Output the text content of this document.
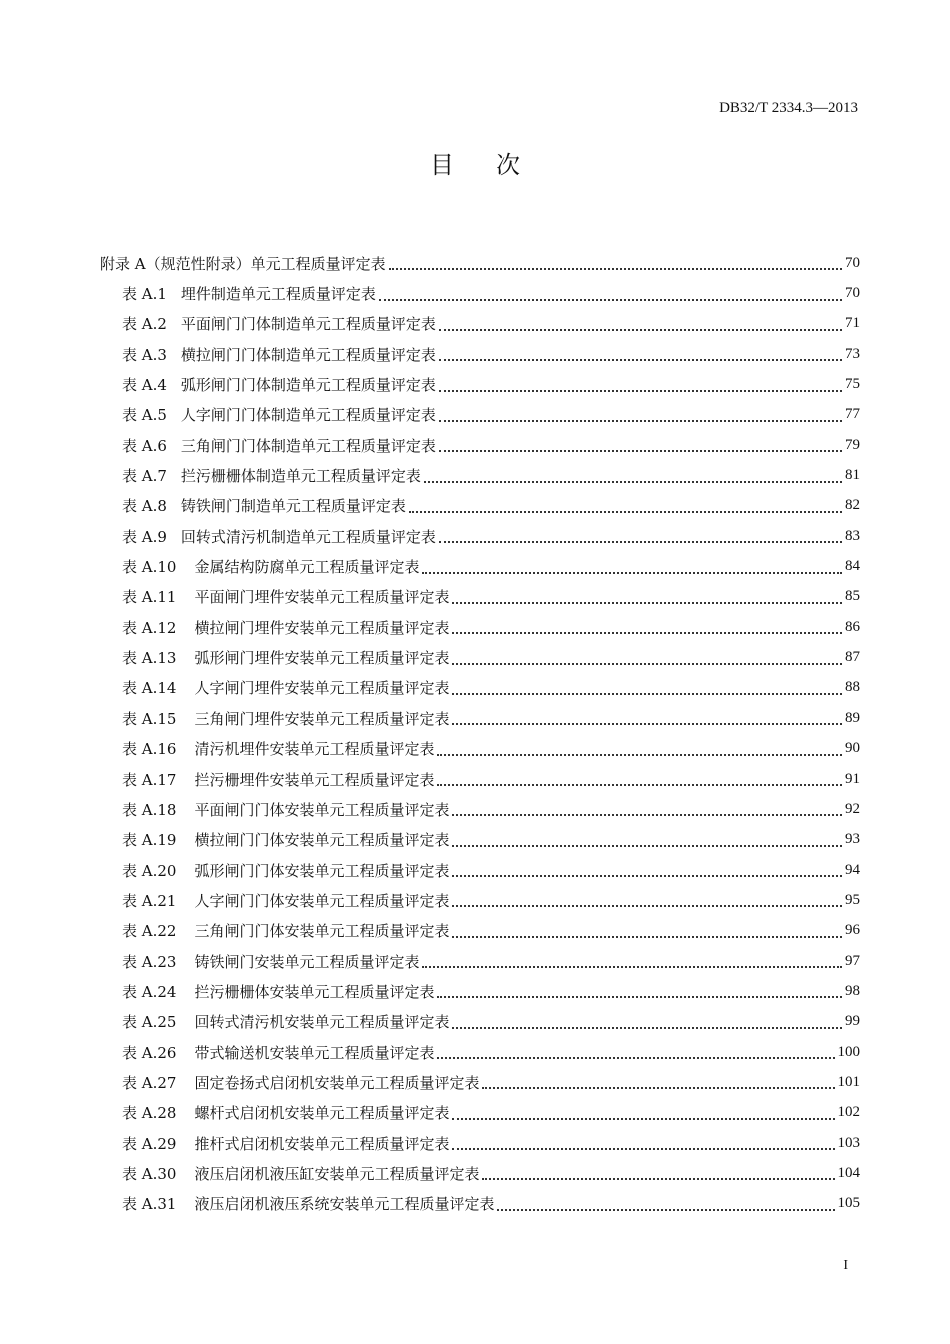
DB32/T 2334.3—2013
目次
附录 A（规范性附录） 单元工程质量评定表	70
表 A.1 埋件制造单元工程质量评定表	70
表 A.2 平面闸门门体制造单元工程质量评定表	71
表 A.3 横拉闸门门体制造单元工程质量评定表	73
表 A.4 弧形闸门门体制造单元工程质量评定表	75
表 A.5 人字闸门门体制造单元工程质量评定表	77
表 A.6 三角闸门门体制造单元工程质量评定表	79
表 A.7 拦污栅栅体制造单元工程质量评定表	81
表 A.8 铸铁闸门制造单元工程质量评定表	82
表 A.9 回转式清污机制造单元工程质量评定表	83
表 A.10 金属结构防腐单元工程质量评定表	84
表 A.11 平面闸门埋件安装单元工程质量评定表	85
表 A.12 横拉闸门埋件安装单元工程质量评定表	86
表 A.13 弧形闸门埋件安装单元工程质量评定表	87
表 A.14 人字闸门埋件安装单元工程质量评定表	88
表 A.15 三角闸门埋件安装单元工程质量评定表	89
表 A.16 清污机埋件安装单元工程质量评定表	90
表 A.17 拦污栅埋件安装单元工程质量评定表	91
表 A.18 平面闸门门体安装单元工程质量评定表	92
表 A.19 横拉闸门门体安装单元工程质量评定表	93
表 A.20 弧形闸门门体安装单元工程质量评定表	94
表 A.21 人字闸门门体安装单元工程质量评定表	95
表 A.22 三角闸门门体安装单元工程质量评定表	96
表 A.23 铸铁闸门安装单元工程质量评定表	97
表 A.24 拦污栅栅体安装单元工程质量评定表	98
表 A.25 回转式清污机安装单元工程质量评定表	99
表 A.26 带式输送机安装单元工程质量评定表	100
表 A.27 固定卷扬式启闭机安装单元工程质量评定表	101
表 A.28 螺杆式启闭机安装单元工程质量评定表	102
表 A.29 推杆式启闭机安装单元工程质量评定表	103
表 A.30 液压启闭机液压缸安装单元工程质量评定表	104
表 A.31 液压启闭机液压系统安装单元工程质量评定表	105
I
